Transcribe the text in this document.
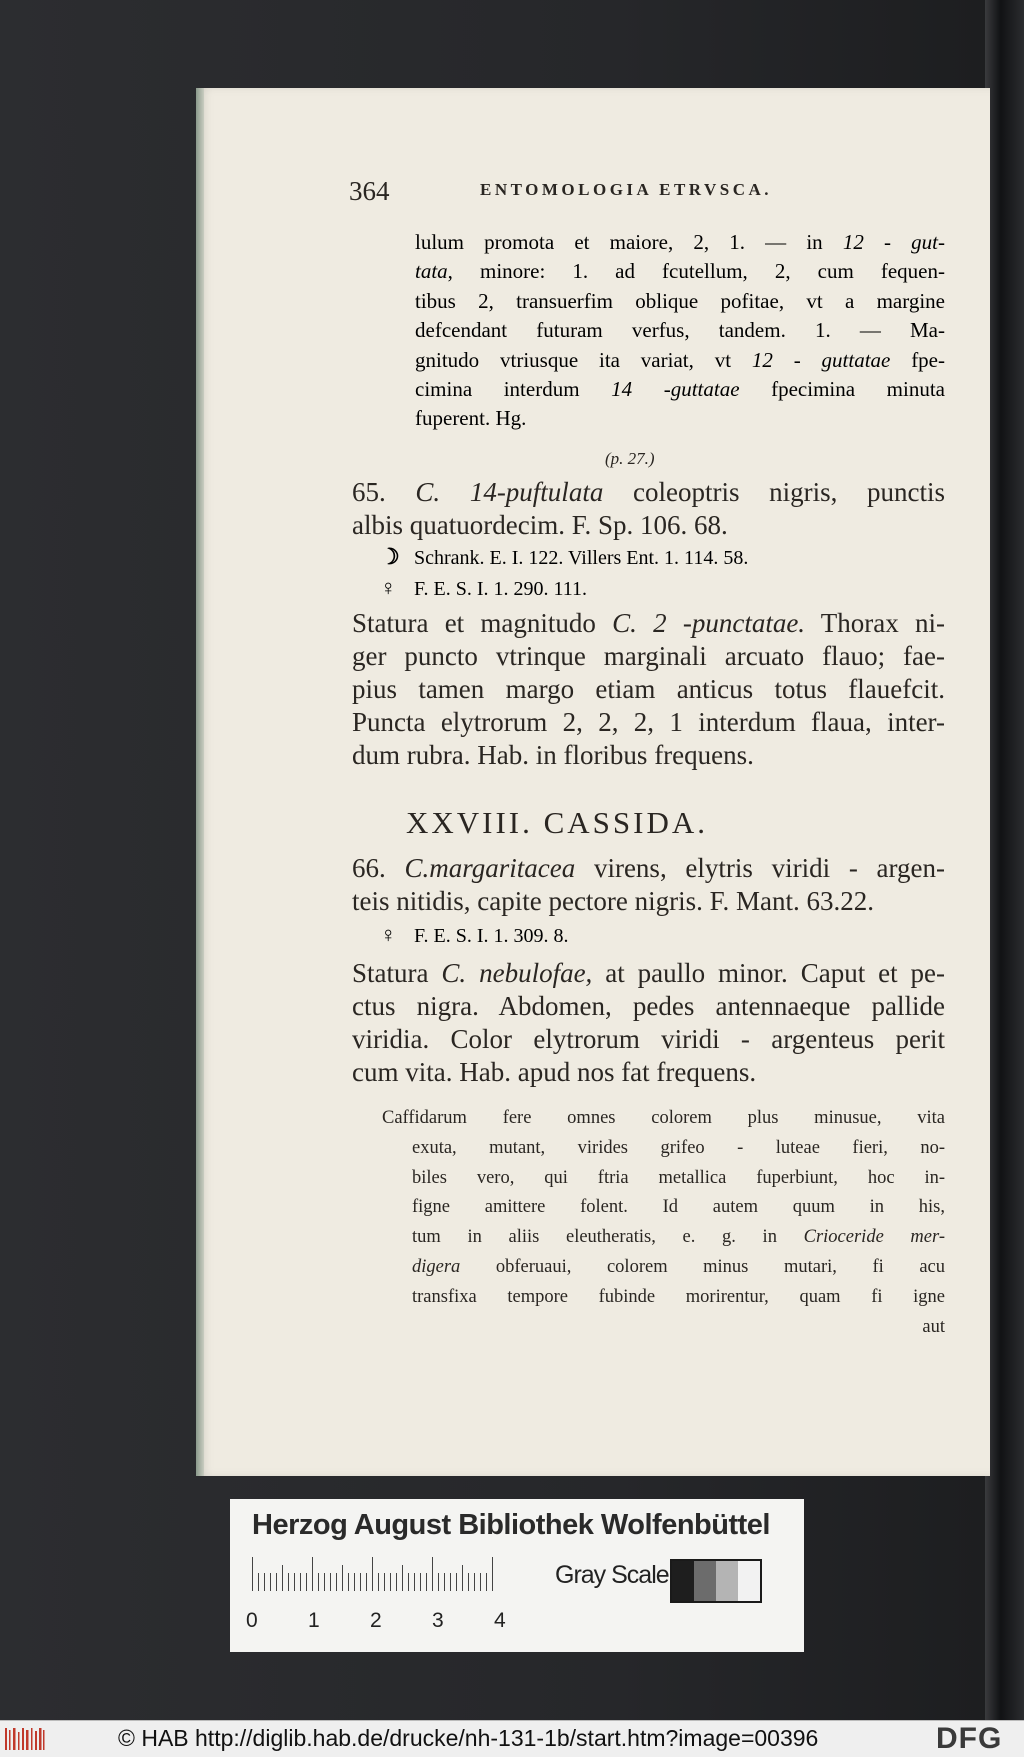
364	ENTOMOLOGIA ETRVSCA.
lulum promota et maiore, 2, 1. — in 12 - gut-
tata, minore: 1. ad fcutellum, 2, cum fequen-
tibus 2, transuerfim oblique pofitae, vt a margine
defcendant futuram verfus, tandem. 1. — Ma-
gnitudo vtriusque ita variat, vt 12 - guttatae fpe-
cimina interdum 14 -guttatae fpecimina minuta
fuperent. Hg.
(p. 27.)
65. C. 14-puftulata coleoptris nigris, punctis
albis quatuordecim. F. Sp. 106. 68.
☽ Schrank. E. I. 122. Villers Ent. 1. 114. 58.
♀ F. E. S. I. 1. 290. 111.
Statura et magnitudo C. 2 -punctatae. Thorax ni-
ger puncto vtrinque marginali arcuato flauo; fae-
pius tamen margo etiam anticus totus flauefcit.
Puncta elytrorum 2, 2, 2, 1 interdum flaua, inter-
dum rubra. Hab. in floribus frequens.
XXVIII. CASSIDA.
66. C.margaritacea virens, elytris viridi - argen-
teis nitidis, capite pectore nigris. F. Mant. 63.22.
♀ F. E. S. I. 1. 309. 8.
Statura C. nebulofae, at paullo minor. Caput et pe-
ctus nigra. Abdomen, pedes antennaeque pallide
viridia. Color elytrorum viridi - argenteus perit
cum vita. Hab. apud nos fat frequens.
Caffidarum fere omnes colorem plus minusue, vita
exuta, mutant, virides grifeo - luteae fieri, no-
biles vero, qui ftria metallica fuperbiunt, hoc in-
figne amittere folent. Id autem quum in his,
tum in aliis eleutheratis, e. g. in Crioceride mer-
digera obferuaui, colorem minus mutari, fi acu
transfixa tempore fubinde morirentur, quam fi igne
aut
Herzog August Bibliothek Wolfenbüttel
0 1 2 3 4
Gray Scale
© HAB http://diglib.hab.de/drucke/nh-131-1b/start.htm?image=00396	DFG
